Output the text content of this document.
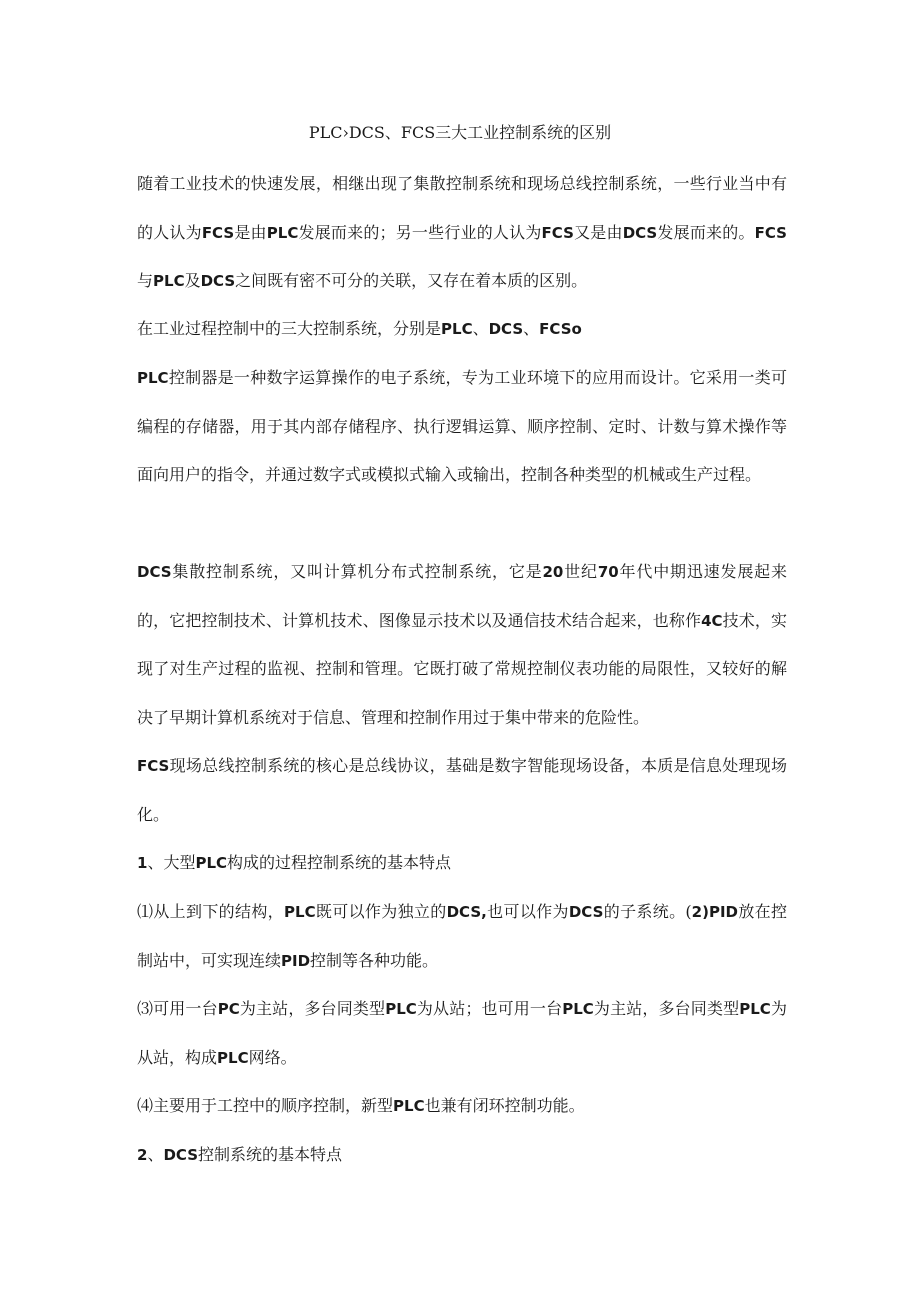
PLC›DCS、FCS三大工业控制系统的区别

随着工业技术的快速发展，相继出现了集散控制系统和现场总线控制系统，一些行业当中有的人认为FCS是由PLC发展而来的；另一些行业的人认为FCS又是由DCS发展而来的。FCS与PLC及DCS之间既有密不可分的关联，又存在着本质的区别。

在工业过程控制中的三大控制系统，分别是PLC、DCS、FCSo

PLC控制器是一种数字运算操作的电子系统，专为工业环境下的应用而设计。它采用一类可编程的存储器，用于其内部存储程序、执行逻辑运算、顺序控制、定时、计数与算术操作等面向用户的指令，并通过数字式或模拟式输入或输出，控制各种类型的机械或生产过程。

DCS集散控制系统，又叫计算机分布式控制系统，它是20世纪70年代中期迅速发展起来的，它把控制技术、计算机技术、图像显示技术以及通信技术结合起来，也称作4C技术，实现了对生产过程的监视、控制和管理。它既打破了常规控制仪表功能的局限性，又较好的解决了早期计算机系统对于信息、管理和控制作用过于集中带来的危险性。

FCS现场总线控制系统的核心是总线协议，基础是数字智能现场设备，本质是信息处理现场化。

1、大型PLC构成的过程控制系统的基本特点

⑴从上到下的结构，PLC既可以作为独立的DCS,也可以作为DCS的子系统。(2)PID放在控制站中，可实现连续PID控制等各种功能。

⑶可用一台PC为主站，多台同类型PLC为从站；也可用一台PLC为主站，多台同类型PLC为从站，构成PLC网络。

⑷主要用于工控中的顺序控制，新型PLC也兼有闭环控制功能。

2、DCS控制系统的基本特点
